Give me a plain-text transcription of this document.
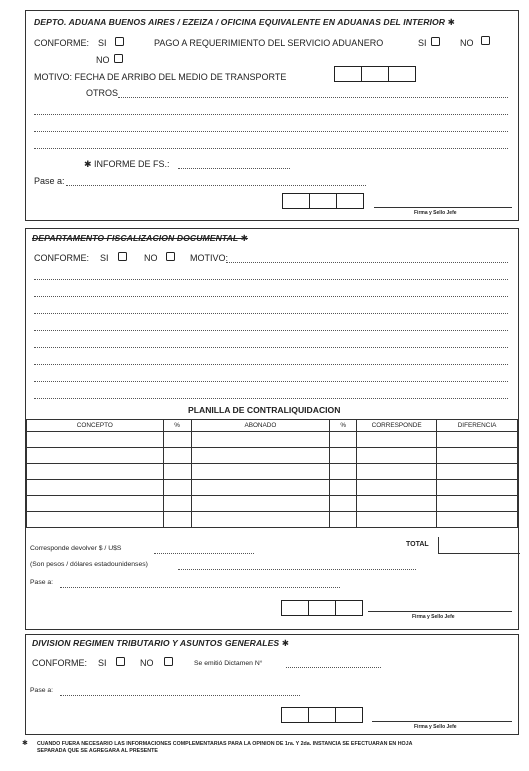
DEPTO. ADUANA BUENOS AIRES / EZEIZA / OFICINA EQUIVALENTE EN ADUANAS DEL INTERIOR ✱
CONFORME: SI	PAGO A REQUERIMIENTO DEL SERVICIO ADUANERO	SI	NO
NO
MOTIVO: FECHA DE ARRIBO DEL MEDIO DE TRANSPORTE
OTROS
✱ INFORME DE FS.:
Pase a:
Firma y Sello Jefe
DEPARTAMENTO FISCALIZACION DOCUMENTAL ✱
CONFORME: SI	NO	MOTIVO:
PLANILLA DE CONTRALIQUIDACION
CONCEPTO	%	ABONADO	%	CORRESPONDE	DIFERENCIA

TOTAL
Corresponde devolver $ / U$S
(Son pesos / dólares estadounidenses)
Pase a:
Firma y Sello Jefe
DIVISION REGIMEN TRIBUTARIO Y ASUNTOS GENERALES ✱
CONFORME: SI	NO	Se emitió Dictamen N°
Pase a:
Firma y Sello Jefe
✱ CUANDO FUERA NECESARIO LAS INFORMACIONES COMPLEMENTARIAS PARA LA OPINION DE 1ra. Y 2da. INSTANCIA SE EFECTUARAN EN HOJA
SEPARADA QUE SE AGREGARA AL PRESENTE
